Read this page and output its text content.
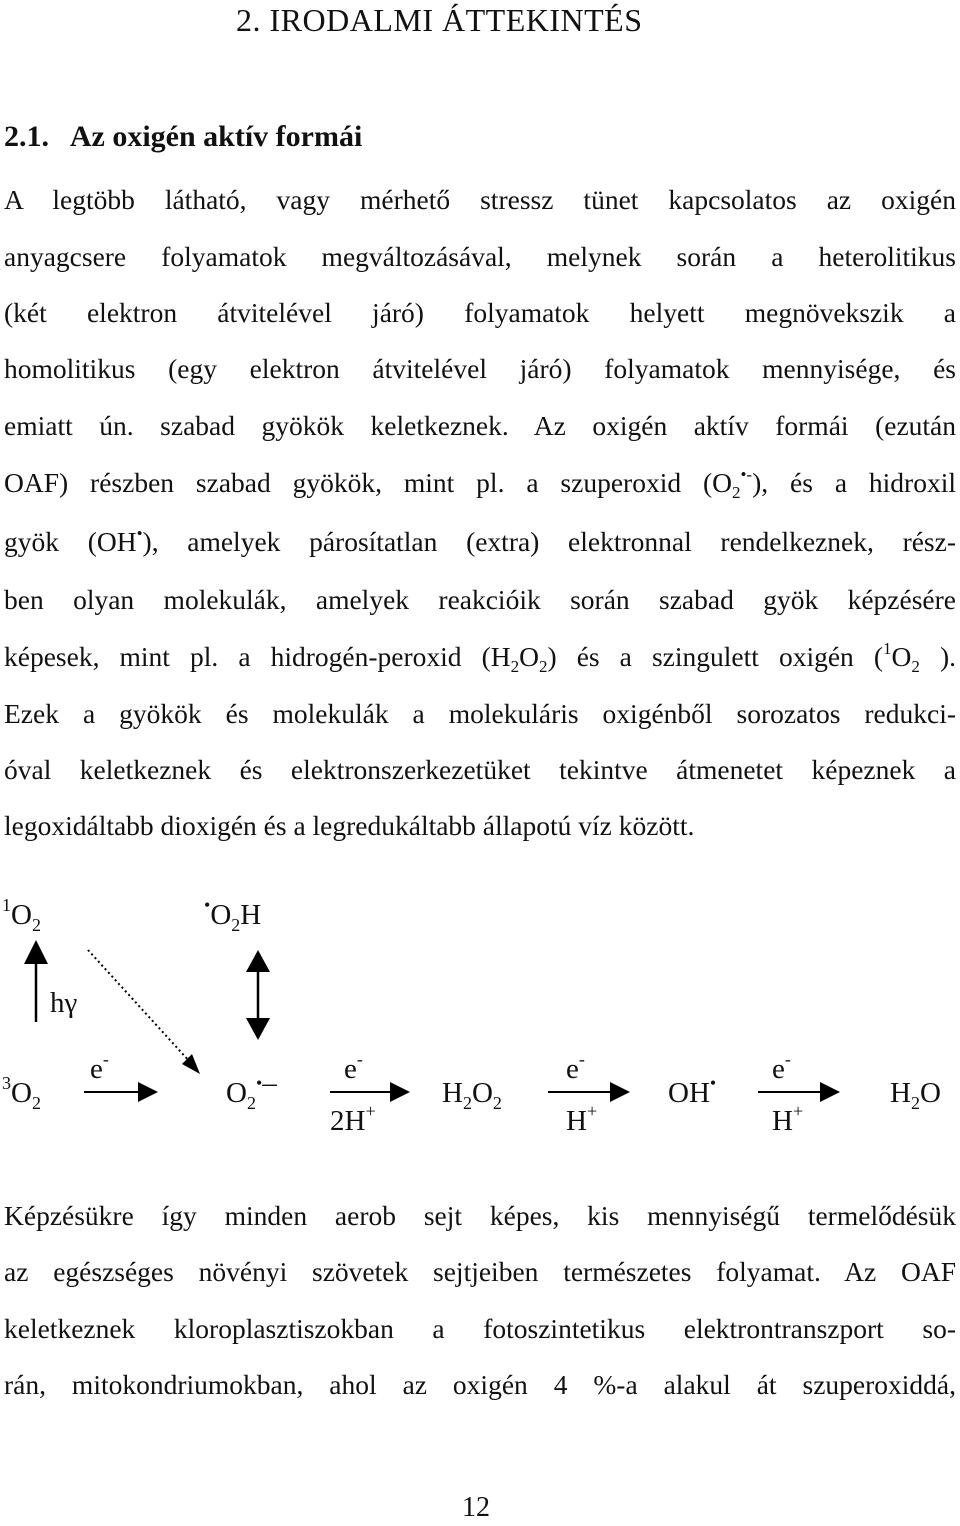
2. IRODALMI ÁTTEKINTÉS
2.1. Az oxigén aktív formái
A legtöbb látható, vagy mérhető stressz tünet kapcsolatos az oxigén
anyagcsere folyamatok megváltozásával, melynek során a heterolitikus
(két elektron átvitelével járó) folyamatok helyett megnövekszik a
homolitikus (egy elektron átvitelével járó) folyamatok mennyisége, és
emiatt ún. szabad gyökök keletkeznek. Az oxigén aktív formái (ezután
OAF) részben szabad gyökök, mint pl. a szuperoxid $(O_2^{•-})$, és a hidroxil
gyök (OH•), amelyek párosítatlan (extra) elektronnal rendelkeznek, rész-
ben olyan molekulák, amelyek reakcióik során szabad gyök képzésére
képesek, mint pl. a hidrogén-peroxid $(H_2O_2)$ és a szingulett oxigén ($^1O_2$ ).
Ezek a gyökök és molekulák a molekuláris oxigénből sorozatos redukci-
óval keletkeznek és elektronszerkezetüket tekintve átmenetet képeznek a
legoxidáltabb dioxigén és a legredukáltabb állapotú víz között.
$^1O_2$
$^•O_2H$
hγ
$^3O_2$
e-
$O_2^•-$ e-
2H+
$H_2O_2$
e-
H+
OH• e-
H+
$H_2O$
Képzésükre így minden aerob sejt képes, kis mennyiségű termelődésük
az egészséges növényi szövetek sejtjeiben természetes folyamat. Az OAF
keletkeznek kloroplasztiszokban a fotoszintetikus elektrontranszport so-
rán, mitokondriumokban, ahol az oxigén 4 %-a alakul át szuperoxiddá,
12
